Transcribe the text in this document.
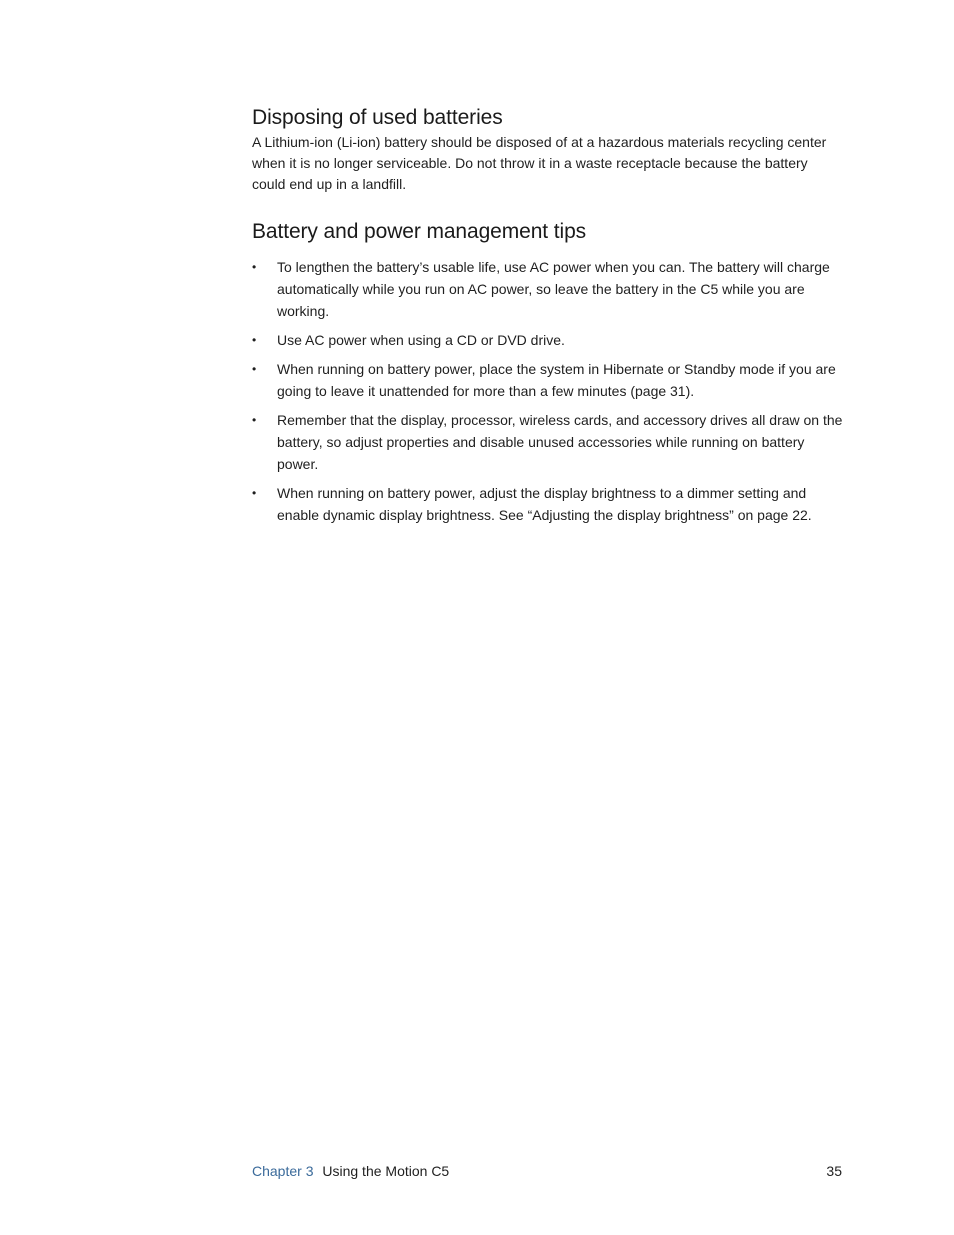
Disposing of used batteries

A Lithium-ion (Li-ion) battery should be disposed of at a hazardous materials recycling center when it is no longer serviceable. Do not throw it in a waste receptacle because the battery could end up in a landfill.

Battery and power management tips
•	To lengthen the battery’s usable life, use AC power when you can. The battery will charge automatically while you run on AC power, so leave the battery in the C5 while you are working.
•	Use AC power when using a CD or DVD drive.
•	When running on battery power, place the system in Hibernate or Standby mode if you are going to leave it unattended for more than a few minutes (page 31).
•	Remember that the display, processor, wireless cards, and accessory drives all draw on the battery, so adjust properties and disable unused accessories while running on battery power.
•	When running on battery power, adjust the display brightness to a dimmer setting and enable dynamic display brightness. See “Adjusting the display brightness” on page 22.
Chapter 3 Using the Motion C5	35
